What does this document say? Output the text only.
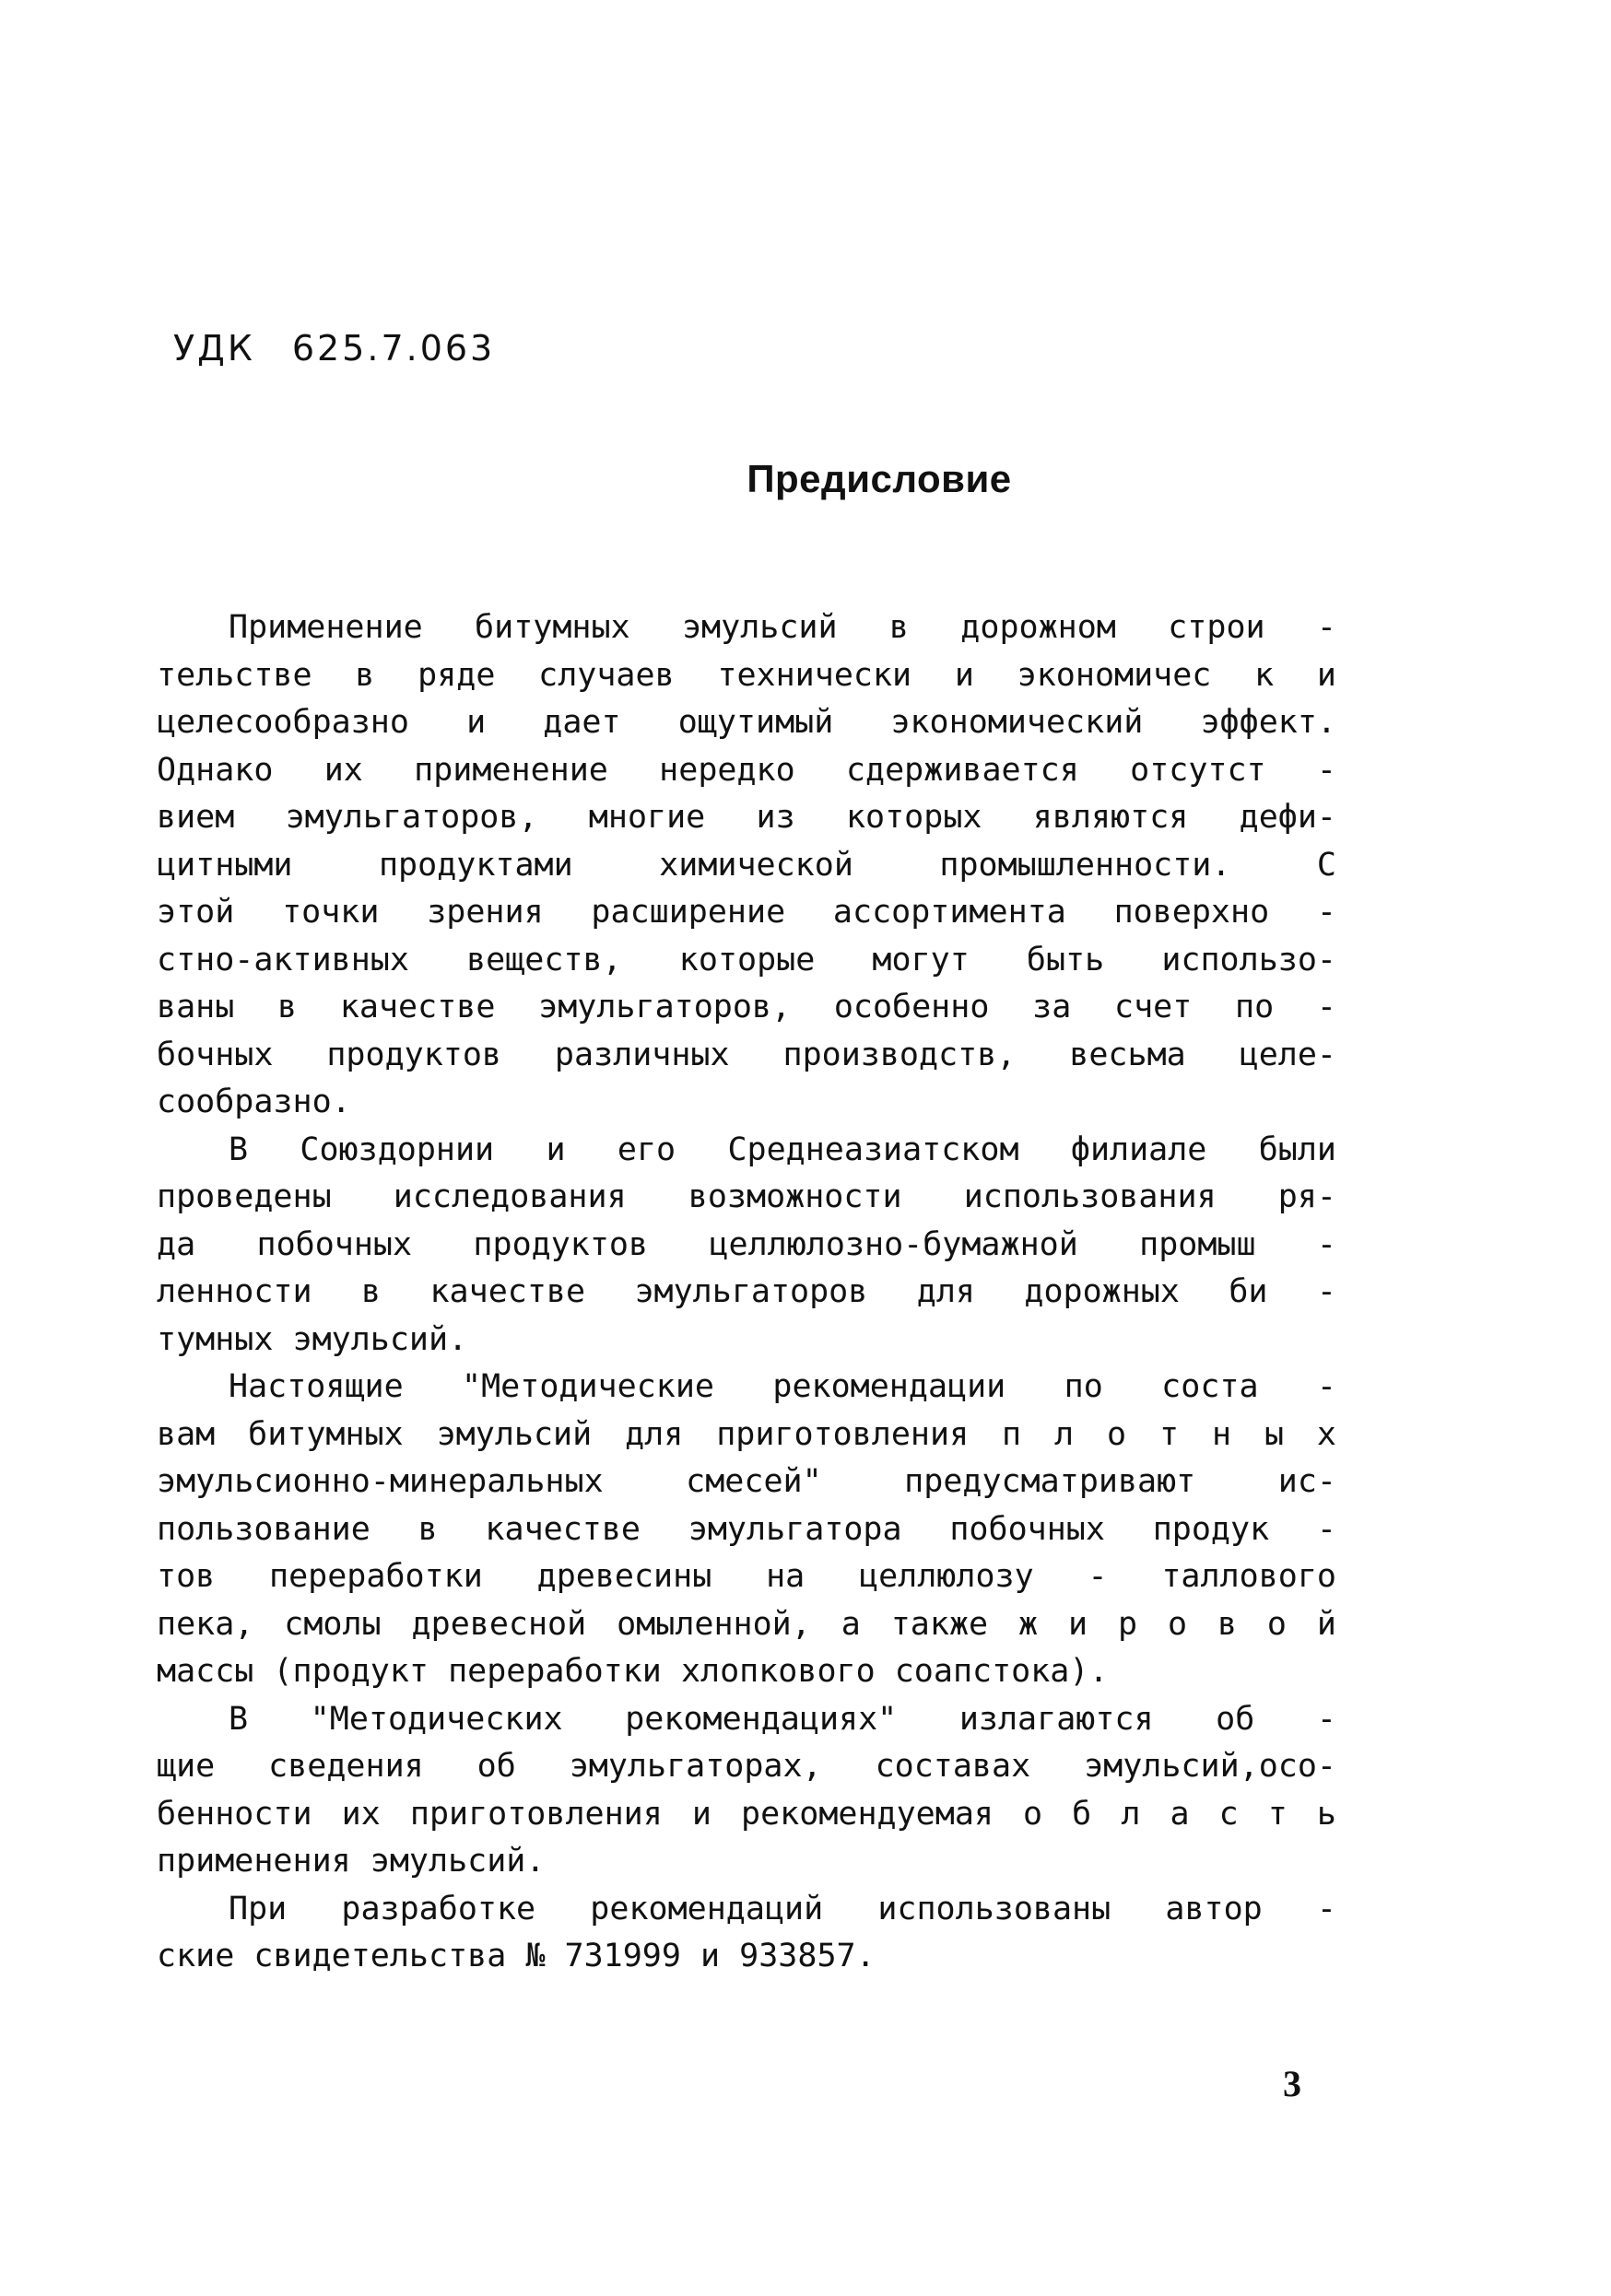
УДК 625.7.063
Предисловие
Применение битумных эмульсий в дорожном строи -
тельстве в ряде случаев технически и экономичес к и
целесообразно и дает ощутимый экономический эффект.
Однако их применение нередко сдерживается отсутст -
вием эмульгаторов, многие из которых являются дефи-
цитными продуктами химической промышленности. С
этой точки зрения расширение ассортимента поверхно -
стно-активных веществ, которые могут быть использо-
ваны в качестве эмульгаторов, особенно за счет по -
бочных продуктов различных производств, весьма целе-
сообразно.
В Союздорнии и его Среднеазиатском филиале были
проведены исследования возможности использования ря-
да побочных продуктов целлюлозно-бумажной промыш -
ленности в качестве эмульгаторов для дорожных би -
тумных эмульсий.
Настоящие "Методические рекомендации по соста -
вам битумных эмульсий для приготовления п л о т н ы х
эмульсионно-минеральных смесей" предусматривают ис-
пользование в качестве эмульгатора побочных продук -
тов переработки древесины на целлюлозу - таллового
пека, смолы древесной омыленной, а также ж и р о в о й
массы (продукт переработки хлопкового соапстока).
В "Методических рекомендациях" излагаются об -
щие сведения об эмульгаторах, составах эмульсий,осо-
бенности их приготовления и рекомендуемая о б л а с т ь
применения эмульсий.
При разработке рекомендаций использованы автор -
ские свидетельства № 731999 и 933857.
3
